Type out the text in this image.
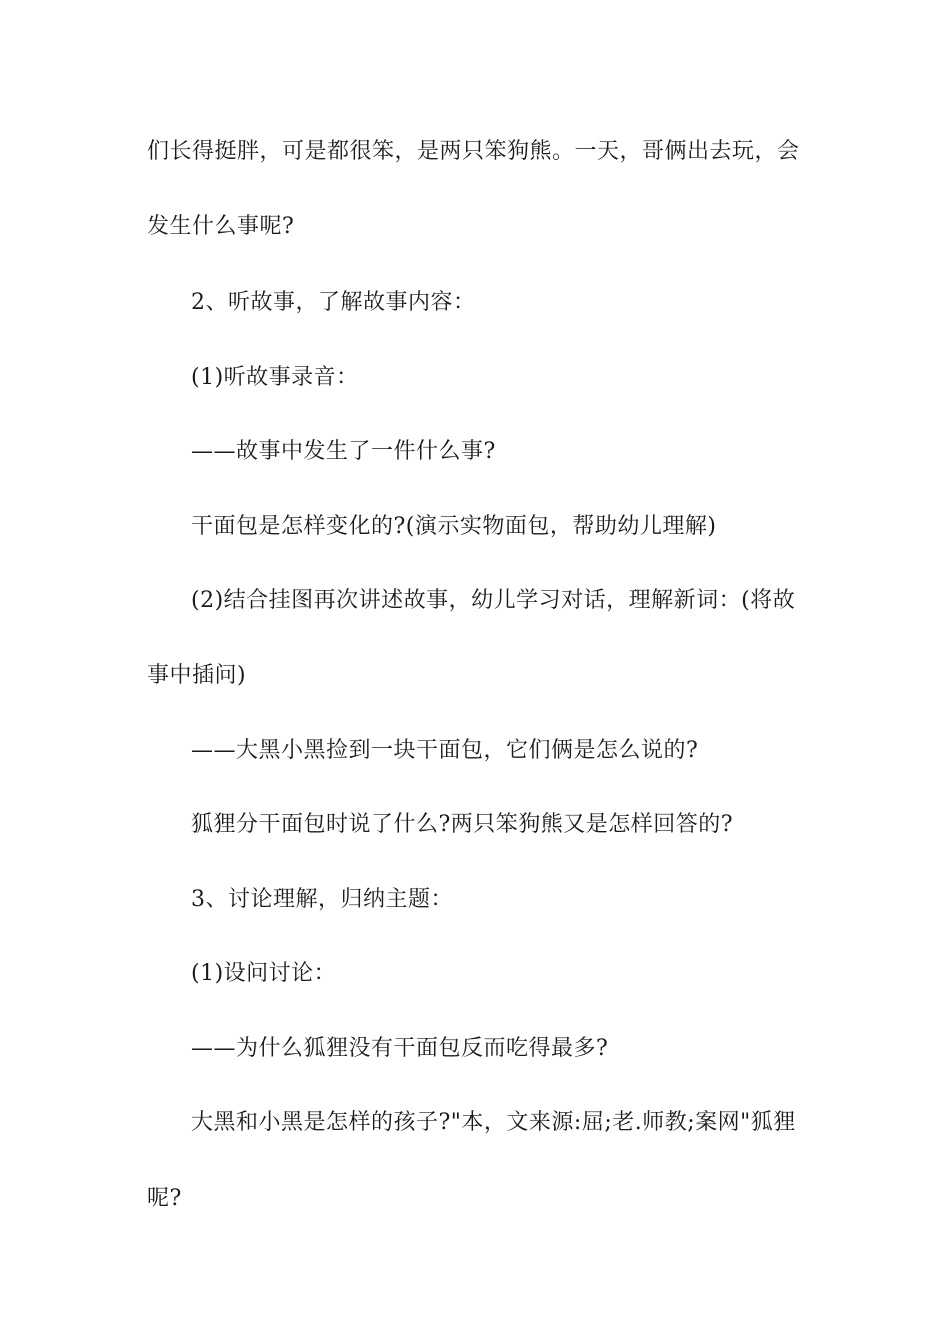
们长得挺胖，可是都很笨，是两只笨狗熊。一天，哥俩出去玩，会
发生什么事呢?
2、听故事，了解故事内容：
(1)听故事录音：
——故事中发生了一件什么事?
干面包是怎样变化的?(演示实物面包，帮助幼儿理解)
(2)结合挂图再次讲述故事，幼儿学习对话，理解新词：(将故
事中插问)
——大黑小黑捡到一块干面包，它们俩是怎么说的?
狐狸分干面包时说了什么?两只笨狗熊又是怎样回答的?
3、讨论理解，归纳主题：
(1)设问讨论：
——为什么狐狸没有干面包反而吃得最多?
大黑和小黑是怎样的孩子?"本，文来源:屈;老.师教;案网"狐狸
呢?
